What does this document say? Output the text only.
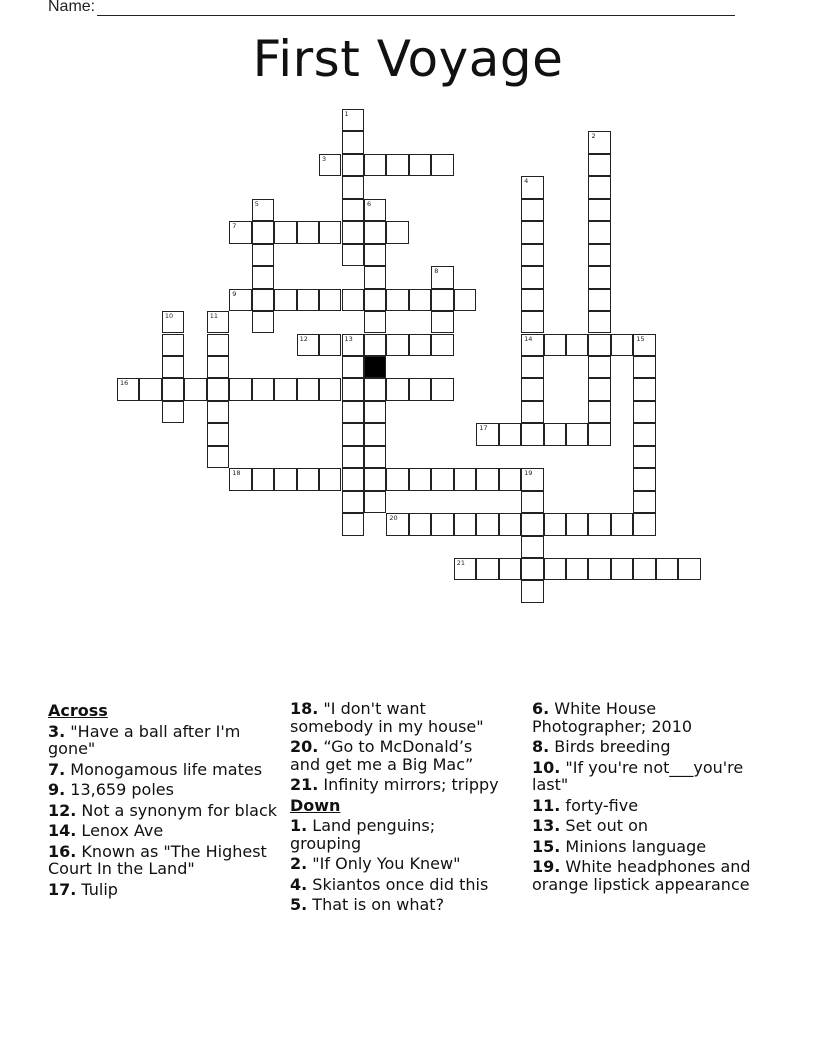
Name:
First Voyage
1
2
3
4
14
5	6
7
8
9
10	11
12	13	15
16
17
18	19
20
21
Across
3. "Have a ball after I'm gone"
7. Monogamous life mates
9. 13,659 poles
12. Not a synonym for black
14. Lenox Ave
16. Known as "The Highest Court In the Land"
17. Tulip
18. "I don't want somebody in my house"
20. “Go to McDonald’s and get me a Big Mac”
21. Infinity mirrors; trippy
Down
1. Land penguins; grouping
2. "If Only You Knew"
4. Skiantos once did this
5. That is on what?
6. White House Photographer; 2010
8. Birds breeding
10. "If you're not___you're last"
11. forty-five
13. Set out on
15. Minions language
19. White headphones and orange lipstick appearance
